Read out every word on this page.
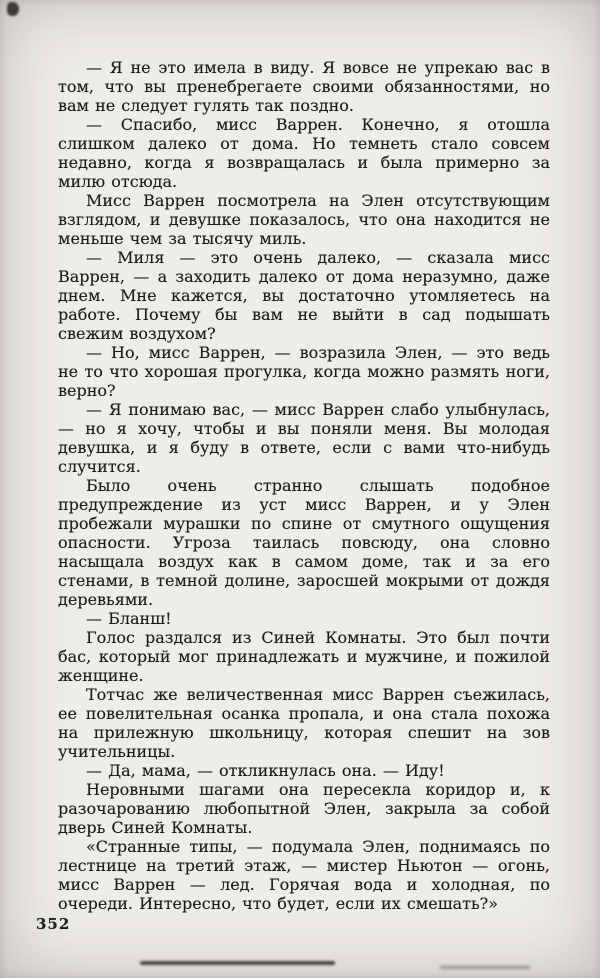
— Я не это имела в виду. Я вовсе не упрекаю вас в том, что вы пренебрегаете своими обязанностями, но вам не следует гулять так поздно.

— Спасибо, мисс Варрен. Конечно, я отошла слишком далеко от дома. Но темнеть стало совсем недавно, когда я возвращалась и была примерно за милю отсюда.

Мисс Варрен посмотрела на Элен отсутствующим взглядом, и девушке показалось, что она находится не меньше чем за тысячу миль.

— Миля — это очень далеко, — сказала мисс Варрен, — а заходить далеко от дома неразумно, даже днем. Мне кажется, вы достаточно утомляетесь на работе. Почему бы вам не выйти в сад подышать свежим воздухом?

— Но, мисс Варрен, — возразила Элен, — это ведь не то что хорошая прогулка, когда можно размять ноги, верно?

— Я понимаю вас, — мисс Варрен слабо улыбнулась, — но я хочу, чтобы и вы поняли меня. Вы молодая девушка, и я буду в ответе, если с вами что-нибудь случится.

Было очень странно слышать подобное предупреждение из уст мисс Варрен, и у Элен пробежали мурашки по спине от смутного ощущения опасности. Угроза таилась повсюду, она словно насыщала воздух как в самом доме, так и за его стенами, в темной долине, заросшей мокрыми от дождя деревьями.

— Бланш!

Голос раздался из Синей Комнаты. Это был почти бас, который мог принадлежать и мужчине, и пожилой женщине.

Тотчас же величественная мисс Варрен съежилась, ее повелительная осанка пропала, и она стала похожа на прилежную школьницу, которая спешит на зов учительницы.

— Да, мама, — откликнулась она. — Иду!

Неровными шагами она пересекла коридор и, к разочарованию любопытной Элен, закрыла за собой дверь Синей Комнаты.

«Странные типы, — подумала Элен, поднимаясь по лестнице на третий этаж, — мистер Ньютон — огонь, мисс Варрен — лед. Горячая вода и холодная, по очереди. Интересно, что будет, если их смешать?»

352
